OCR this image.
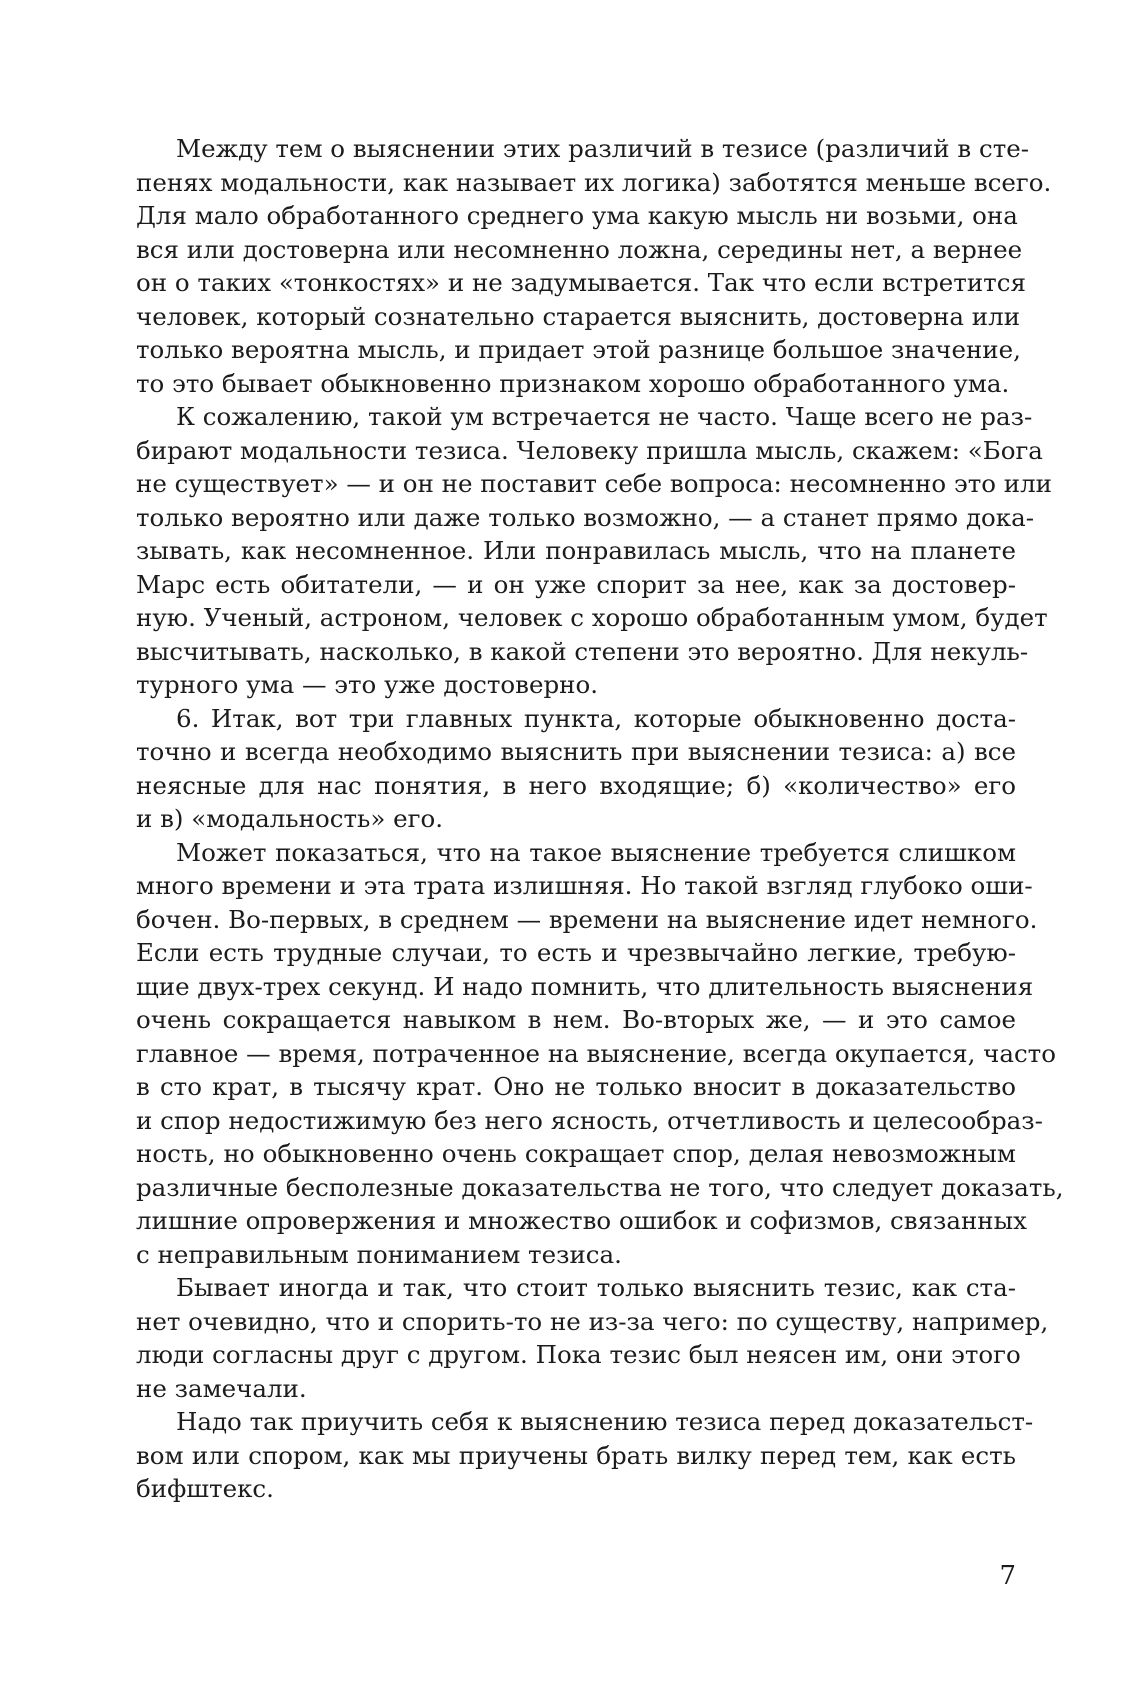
Между тем о выяснении этих различий в тезисе (различий в сте-
пенях модальности, как называет их логика) заботятся меньше всего.
Для мало обработанного среднего ума какую мысль ни возьми, она
вся или достоверна или несомненно ложна, середины нет, а вернее
он о таких «тонкостях» и не задумывается. Так что если встретится
человек, который сознательно старается выяснить, достоверна или
только вероятна мысль, и придает этой разнице большое значение,
то это бывает обыкновенно признаком хорошо обработанного ума.
К сожалению, такой ум встречается не часто. Чаще всего не раз-
бирают модальности тезиса. Человеку пришла мысль, скажем: «Бога
не существует» — и он не поставит себе вопроса: несомненно это или
только вероятно или даже только возможно, — а станет прямо дока-
зывать, как несомненное. Или понравилась мысль, что на планете
Марс есть обитатели, — и он уже спорит за нее, как за достовер-
ную. Ученый, астроном, человек с хорошо обработанным умом, будет
высчитывать, насколько, в какой степени это вероятно. Для некуль-
турного ума — это уже достоверно.
6. Итак, вот три главных пункта, которые обыкновенно доста-
точно и всегда необходимо выяснить при выяснении тезиса: а) все
неясные для нас понятия, в него входящие; б) «количество» его
и в) «модальность» его.
Может показаться, что на такое выяснение требуется слишком
много времени и эта трата излишняя. Но такой взгляд глубоко оши-
бочен. Во-первых, в среднем — времени на выяснение идет немного.
Если есть трудные случаи, то есть и чрезвычайно легкие, требую-
щие двух-трех секунд. И надо помнить, что длительность выяснения
очень сокращается навыком в нем. Во-вторых же, — и это самое
главное — время, потраченное на выяснение, всегда окупается, часто
в сто крат, в тысячу крат. Оно не только вносит в доказательство
и спор недостижимую без него ясность, отчетливость и целесообраз-
ность, но обыкновенно очень сокращает спор, делая невозможным
различные бесполезные доказательства не того, что следует доказать,
лишние опровержения и множество ошибок и софизмов, связанных
с неправильным пониманием тезиса.
Бывает иногда и так, что стоит только выяснить тезис, как ста-
нет очевидно, что и спорить-то не из-за чего: по существу, например,
люди согласны друг с другом. Пока тезис был неясен им, они этого
не замечали.
Надо так приучить себя к выяснению тезиса перед доказательст-
вом или спором, как мы приучены брать вилку перед тем, как есть
бифштекс.
7
